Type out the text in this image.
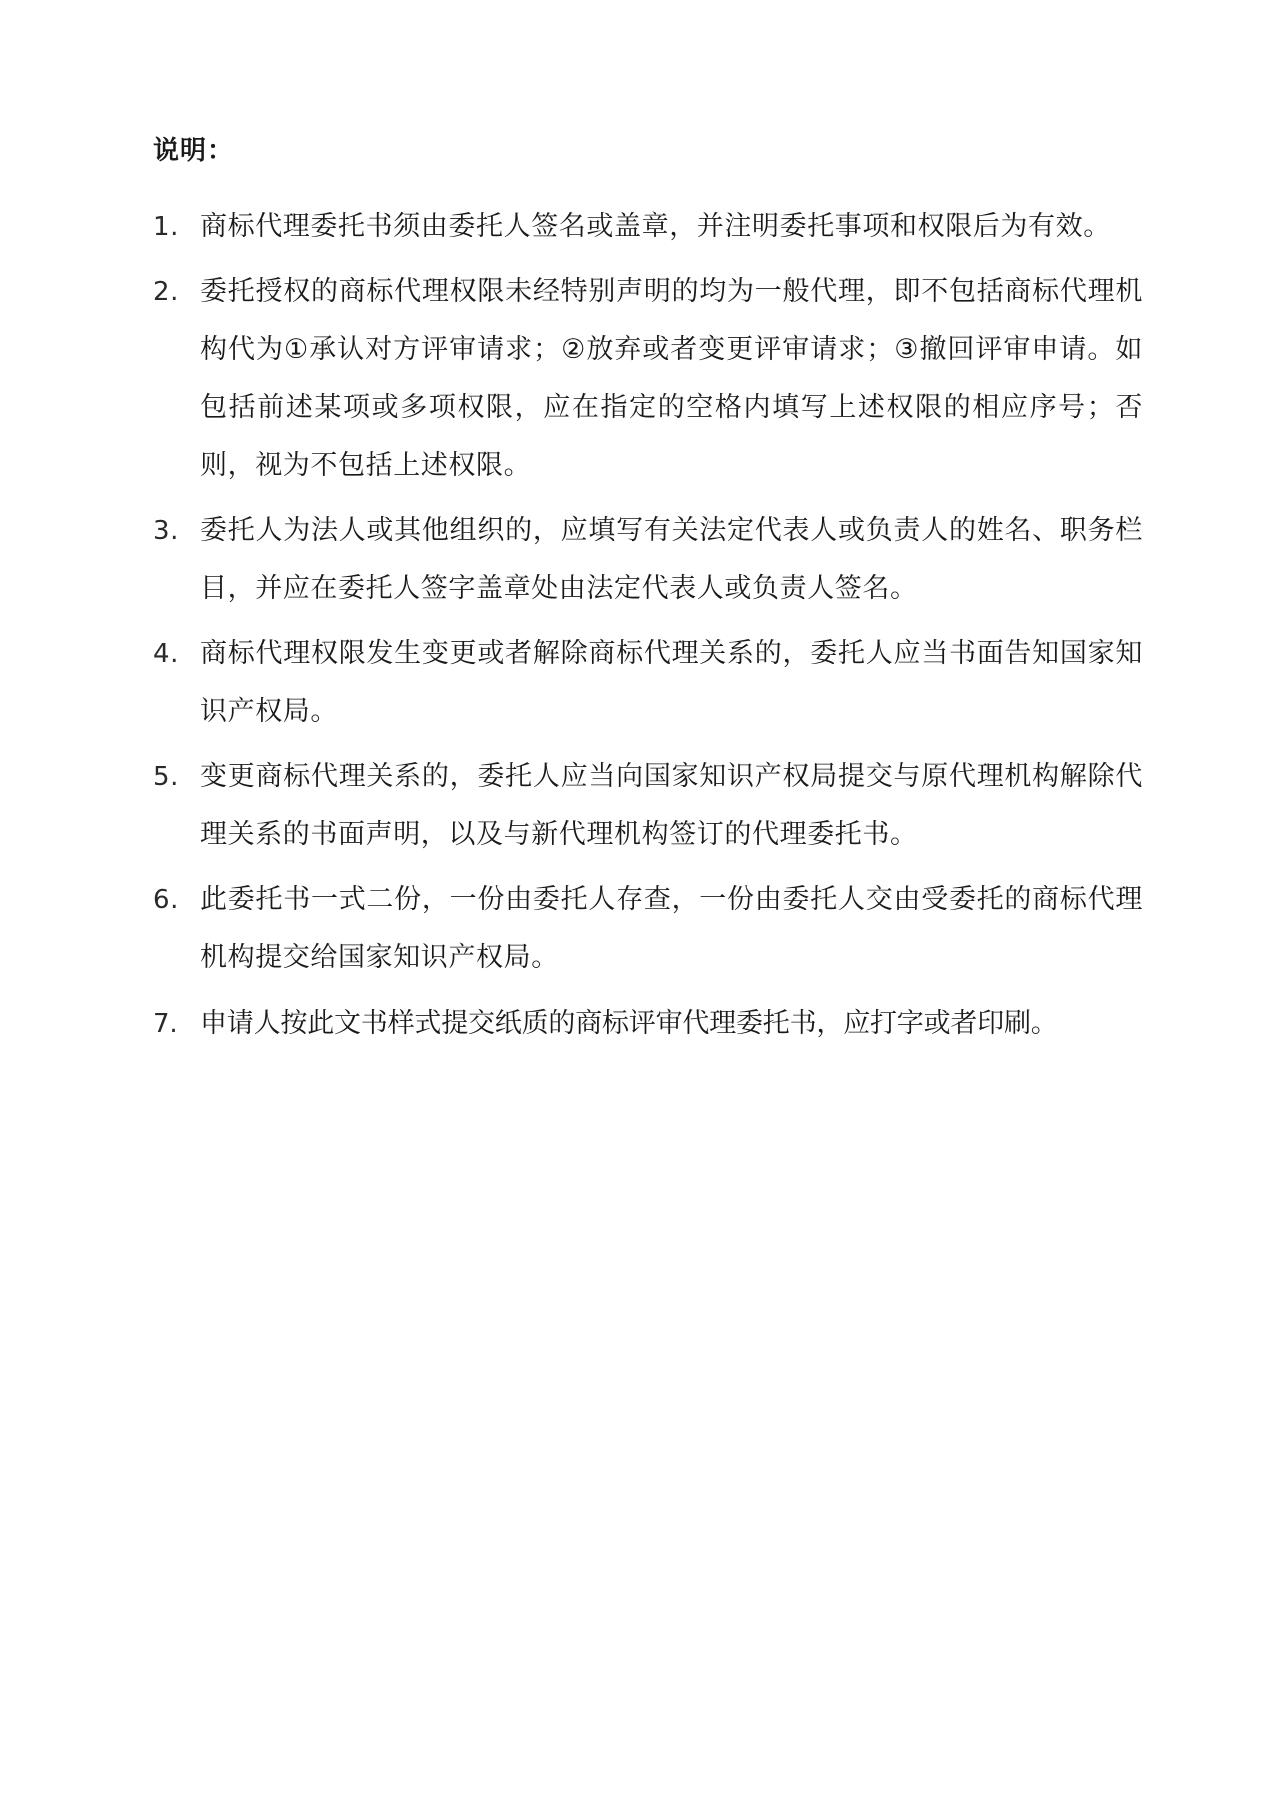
说明：
1. 商标代理委托书须由委托人签名或盖章，并注明委托事项和权限后为有效。
2. 委托授权的商标代理权限未经特别声明的均为一般代理，即不包括商标代理机构代为①承认对方评审请求；②放弃或者变更评审请求；③撤回评审申请。如包括前述某项或多项权限，应在指定的空格内填写上述权限的相应序号；否则，视为不包括上述权限。
3. 委托人为法人或其他组织的，应填写有关法定代表人或负责人的姓名、职务栏目，并应在委托人签字盖章处由法定代表人或负责人签名。
4. 商标代理权限发生变更或者解除商标代理关系的，委托人应当书面告知国家知识产权局。
5. 变更商标代理关系的，委托人应当向国家知识产权局提交与原代理机构解除代理关系的书面声明，以及与新代理机构签订的代理委托书。
6. 此委托书一式二份，一份由委托人存查，一份由委托人交由受委托的商标代理机构提交给国家知识产权局。
7. 申请人按此文书样式提交纸质的商标评审代理委托书，应打字或者印刷。
